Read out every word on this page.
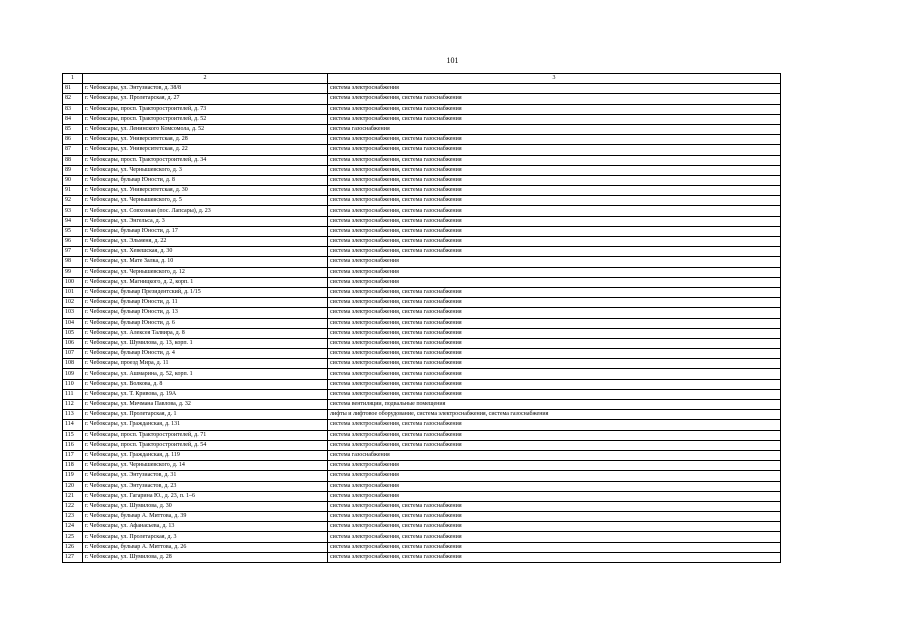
101
1	2	3
81	г. Чебоксары, ул. Энтузиастов, д. 38/8	система электроснабжения
82	г. Чебоксары, ул. Пролетарская, д. 27	система электроснабжения, система газоснабжения
83	г. Чебоксары, просп. Тракторостроителей, д. 73	система электроснабжения, система газоснабжения
84	г. Чебоксары, просп. Тракторостроителей, д. 52	система электроснабжения, система газоснабжения
85	г. Чебоксары, ул. Ленинского Комсомола, д. 52	система газоснабжения
86	г. Чебоксары, ул. Университетская, д. 28	система электроснабжения, система газоснабжения
87	г. Чебоксары, ул. Университетская, д. 22	система электроснабжения, система газоснабжения
88	г. Чебоксары, просп. Тракторостроителей, д. 34	система электроснабжения, система газоснабжения
89	г. Чебоксары, ул. Чернышевского, д. 3	система электроснабжения, система газоснабжения
90	г. Чебоксары, бульвар Юности, д. 8	система электроснабжения, система газоснабжения
91	г. Чебоксары, ул. Университетская, д. 30	система электроснабжения, система газоснабжения
92	г. Чебоксары, ул. Чернышевского, д. 5	система электроснабжения, система газоснабжения
93	г. Чебоксары, ул. Совхозная (пос. Лапсары), д. 23	система электроснабжения, система газоснабжения
94	г. Чебоксары, ул. Энгельса, д. 3	система электроснабжения, система газоснабжения
95	г. Чебоксары, бульвар Юности, д. 17	система электроснабжения, система газоснабжения
96	г. Чебоксары, ул. Эльменя, д. 22	система электроснабжения, система газоснабжения
97	г. Чебоксары, ул. Хевешская, д. 30	система электроснабжения, система газоснабжения
98	г. Чебоксары, ул. Мате Залка, д. 10	система электроснабжения
99	г. Чебоксары, ул. Чернышевского, д. 12	система электроснабжения
100	г. Чебоксары, ул. Магницкого, д. 2, корп. 1	система электроснабжения
101	г. Чебоксары, бульвар Президентский, д. 1/15	система электроснабжения, система газоснабжения
102	г. Чебоксары, бульвар Юности, д. 11	система электроснабжения, система газоснабжения
103	г. Чебоксары, бульвар Юности, д. 13	система электроснабжения, система газоснабжения
104	г. Чебоксары, бульвар Юности, д. 6	система электроснабжения, система газоснабжения
105	г. Чебоксары, ул. Алексея Талвира, д. 8	система электроснабжения, система газоснабжения
106	г. Чебоксары, ул. Шумилова, д. 13, корп. 1	система электроснабжения, система газоснабжения
107	г. Чебоксары, бульвар Юности, д. 4	система электроснабжения, система газоснабжения
108	г. Чебоксары, проезд Мира, д. 11	система электроснабжения, система газоснабжения
109	г. Чебоксары, ул. Ашмарина, д. 52, корп. 1	система электроснабжения, система газоснабжения
110	г. Чебоксары, ул. Волкова, д. 8	система электроснабжения, система газоснабжения
111	г. Чебоксары, ул. Т. Кривова, д. 19А	система электроснабжения, система газоснабжения
112	г. Чебоксары, ул. Мичмана Павлова, д. 32	система вентиляции, подвальные помещения
113	г. Чебоксары, ул. Пролетарская, д. 1	лифты и лифтовое оборудование, система электроснабжения, система газоснабжения
114	г. Чебоксары, ул. Гражданская, д. 131	система электроснабжения, система газоснабжения
115	г. Чебоксары, просп. Тракторостроителей, д. 71	система электроснабжения, система газоснабжения
116	г. Чебоксары, просп. Тракторостроителей, д. 54	система электроснабжения, система газоснабжения
117	г. Чебоксары, ул. Гражданская, д. 119	система газоснабжения
118	г. Чебоксары, ул. Чернышевского, д. 14	система электроснабжения
119	г. Чебоксары, ул. Энтузиастов, д. 31	система электроснабжения
120	г. Чебоксары, ул. Энтузиастов, д. 23	система электроснабжения
121	г. Чебоксары, ул. Гагарина Ю., д. 23, п. 1–6	система электроснабжения
122	г. Чебоксары, ул. Шумилова, д. 30	система электроснабжения, система газоснабжения
123	г. Чебоксары, бульвар А. Миттова, д. 39	система электроснабжения, система газоснабжения
124	г. Чебоксары, ул. Афанасьева, д. 13	система электроснабжения, система газоснабжения
125	г. Чебоксары, ул. Пролетарская, д. 3	система электроснабжения, система газоснабжения
126	г. Чебоксары, бульвар А. Миттова, д. 26	система электроснабжения, система газоснабжения
127	г. Чебоксары, ул. Шумилова, д. 28	система электроснабжения, система газоснабжения
